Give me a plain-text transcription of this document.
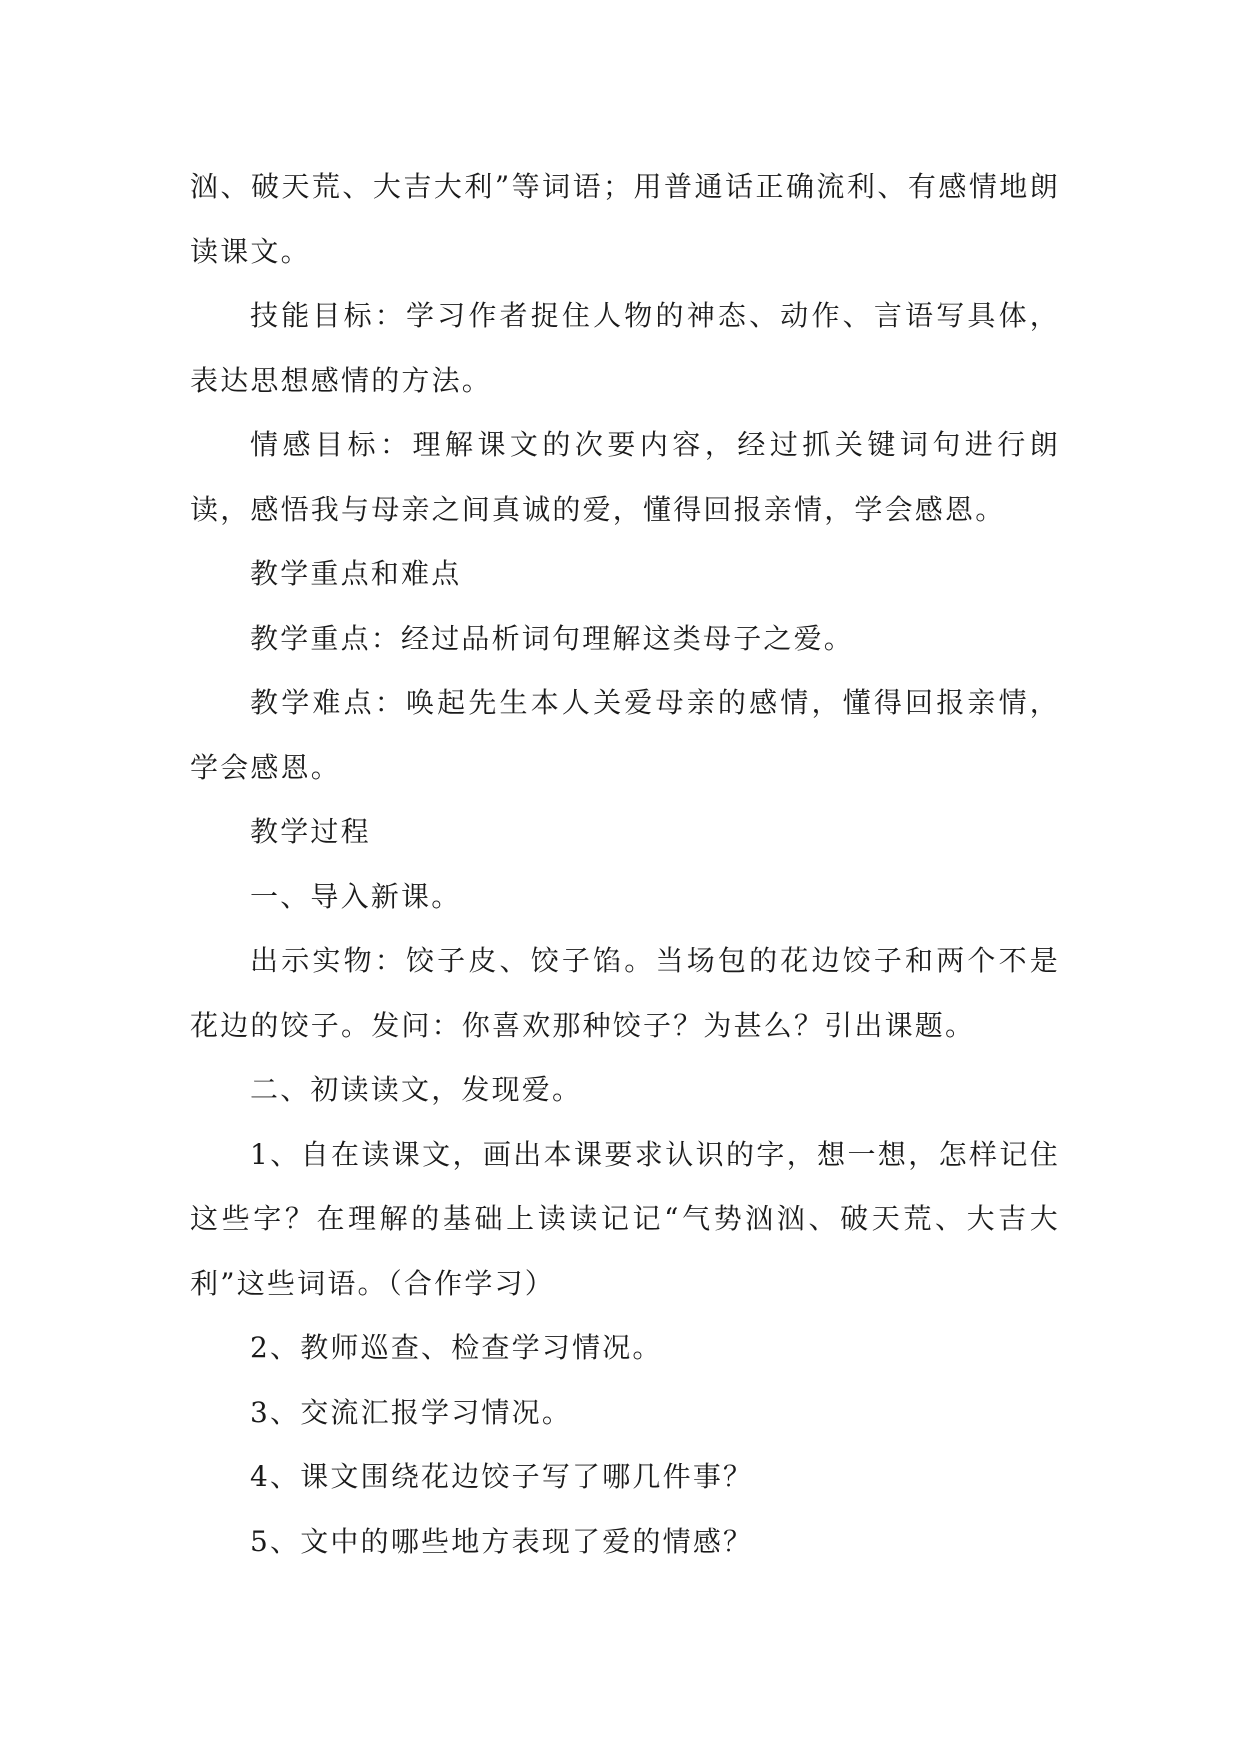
汹、破天荒、大吉大利”等词语；用普通话正确流利、有感情地朗读课文。

技能目标：学习作者捉住人物的神态、动作、言语写具体，表达思想感情的方法。

情感目标：理解课文的次要内容，经过抓关键词句进行朗读，感悟我与母亲之间真诚的爱，懂得回报亲情，学会感恩。

教学重点和难点

教学重点：经过品析词句理解这类母子之爱。

教学难点：唤起先生本人关爱母亲的感情，懂得回报亲情，学会感恩。

教学过程

一、导入新课。

出示实物：饺子皮、饺子馅。当场包的花边饺子和两个不是花边的饺子。发问：你喜欢那种饺子？为甚么？引出课题。

二、初读读文，发现爱。

1、自在读课文，画出本课要求认识的字，想一想，怎样记住这些字？在理解的基础上读读记记“气势汹汹、破天荒、大吉大利”这些词语。（合作学习）

2、教师巡查、检查学习情况。

3、交流汇报学习情况。

4、课文围绕花边饺子写了哪几件事？

5、文中的哪些地方表现了爱的情感？
